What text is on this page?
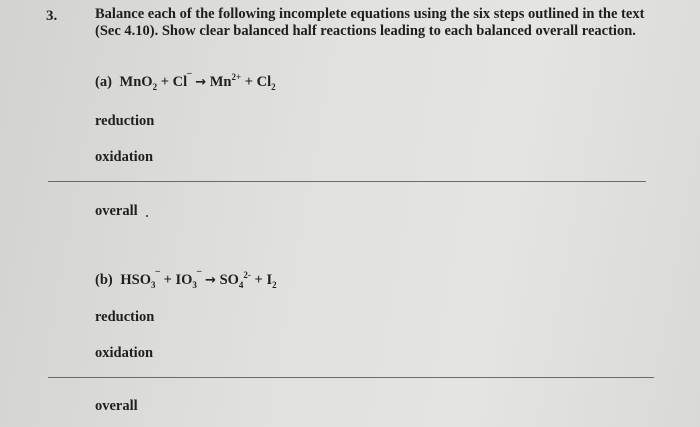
3.	Balance each of the following incomplete equations using the six steps outlined in the text (Sec 4.10). Show clear balanced half reactions leading to each balanced overall reaction.
(a) $MnO_2 + Cl^¯ \to Mn^{2+} + Cl_2$
reduction
oxidation
overall
(b) $HSO_3^¯ + IO_3^¯ \to SO_4^{2-} + I_2$
reduction
oxidation
overall
